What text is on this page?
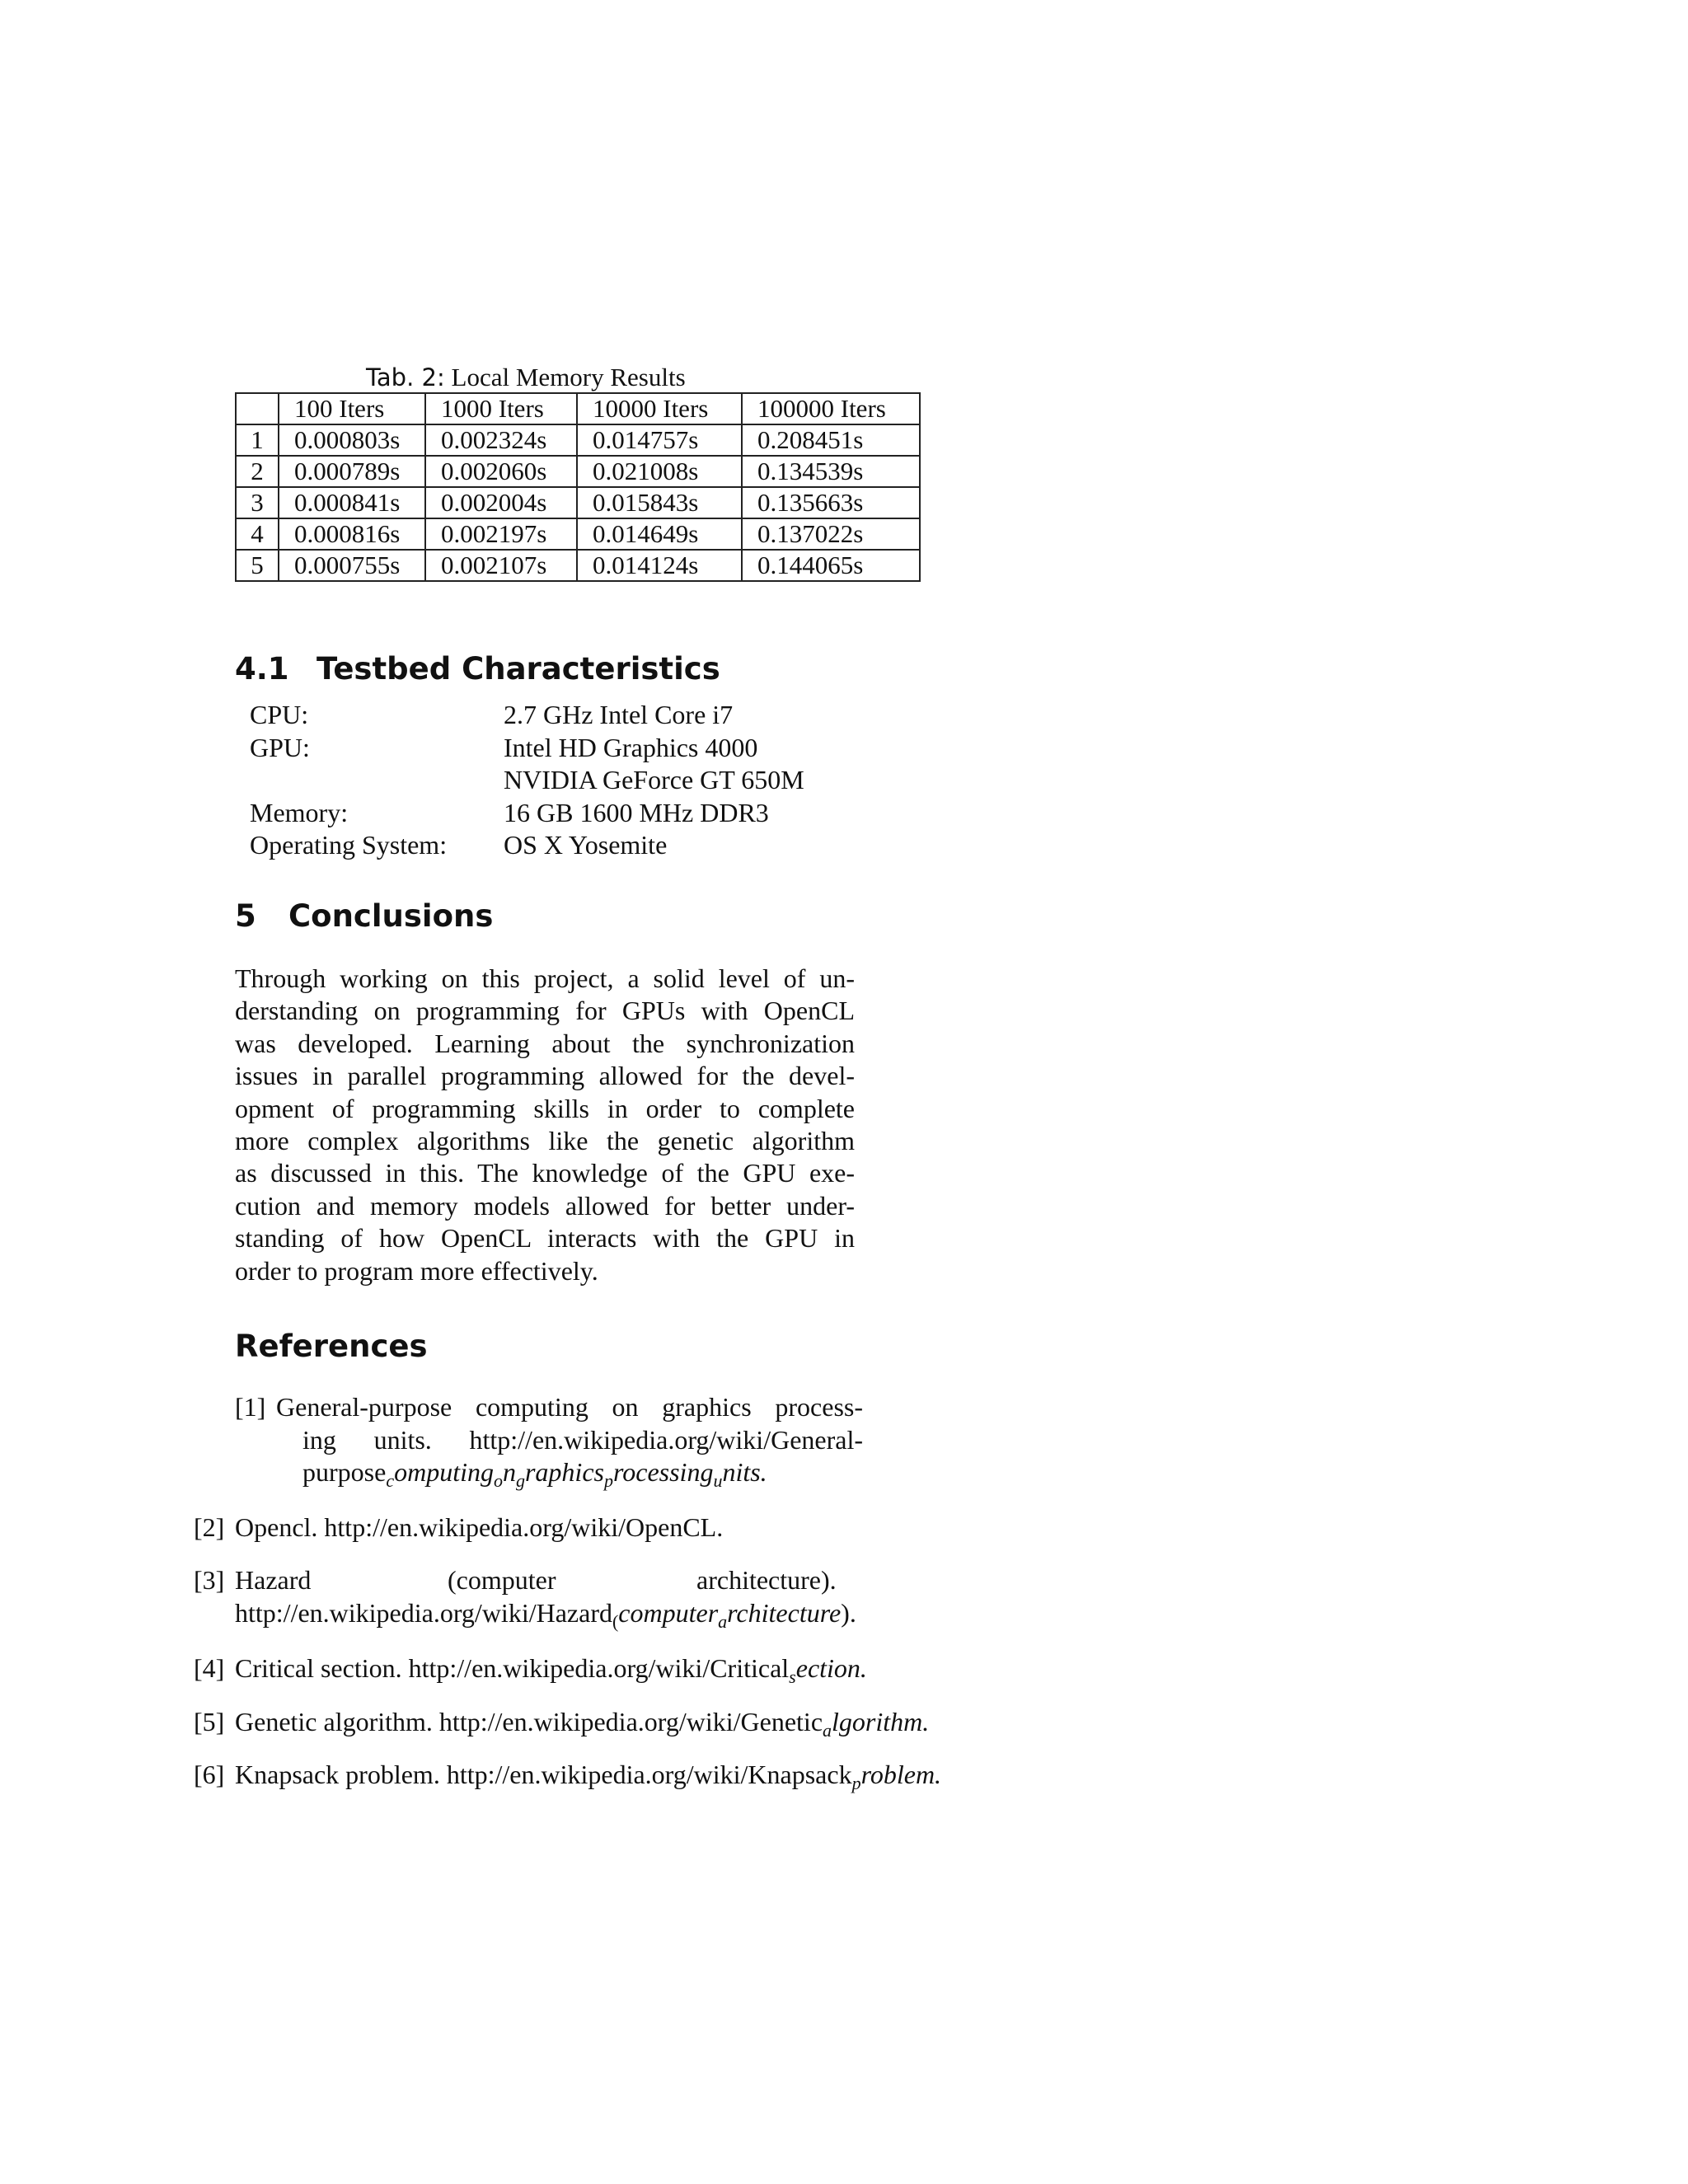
Tab. 2: Local Memory Results
	100 Iters	1000 Iters	10000 Iters	100000 Iters
1	0.000803s	0.002324s	0.014757s	0.208451s
2	0.000789s	0.002060s	0.021008s	0.134539s
3	0.000841s	0.002004s	0.015843s	0.135663s
4	0.000816s	0.002197s	0.014649s	0.137022s
5	0.000755s	0.002107s	0.014124s	0.144065s
4.1 Testbed Characteristics
CPU:	2.7 GHz Intel Core i7
GPU:	Intel HD Graphics 4000
NVIDIA GeForce GT 650M
Memory:	16 GB 1600 MHz DDR3
Operating System:	OS X Yosemite
5 Conclusions
Through working on this project, a solid level of un-
derstanding on programming for GPUs with OpenCL
was developed. Learning about the synchronization
issues in parallel programming allowed for the devel-
opment of programming skills in order to complete
more complex algorithms like the genetic algorithm
as discussed in this. The knowledge of the GPU exe-
cution and memory models allowed for better under-
standing of how OpenCL interacts with the GPU in
order to program more effectively.
References
[1] General-purpose computing on graphics process-
ing units. http://en.wikipedia.org/wiki/General-
$purpose_computing_on_graphics_processing_units$.
[2] Opencl. http://en.wikipedia.org/wiki/OpenCL.
[3] Hazard	(computer	architecture).
http://en.wikipedia.org/wiki/Hazard$_($computer$_a$rchitecture).
[4] Critical section. http://en.wikipedia.org/wiki/Critical$_s$ection.
[5] Genetic algorithm. http://en.wikipedia.org/wiki/Genetic$_a$lgorithm.
[6] Knapsack problem. http://en.wikipedia.org/wiki/Knapsack$_p$roblem.
